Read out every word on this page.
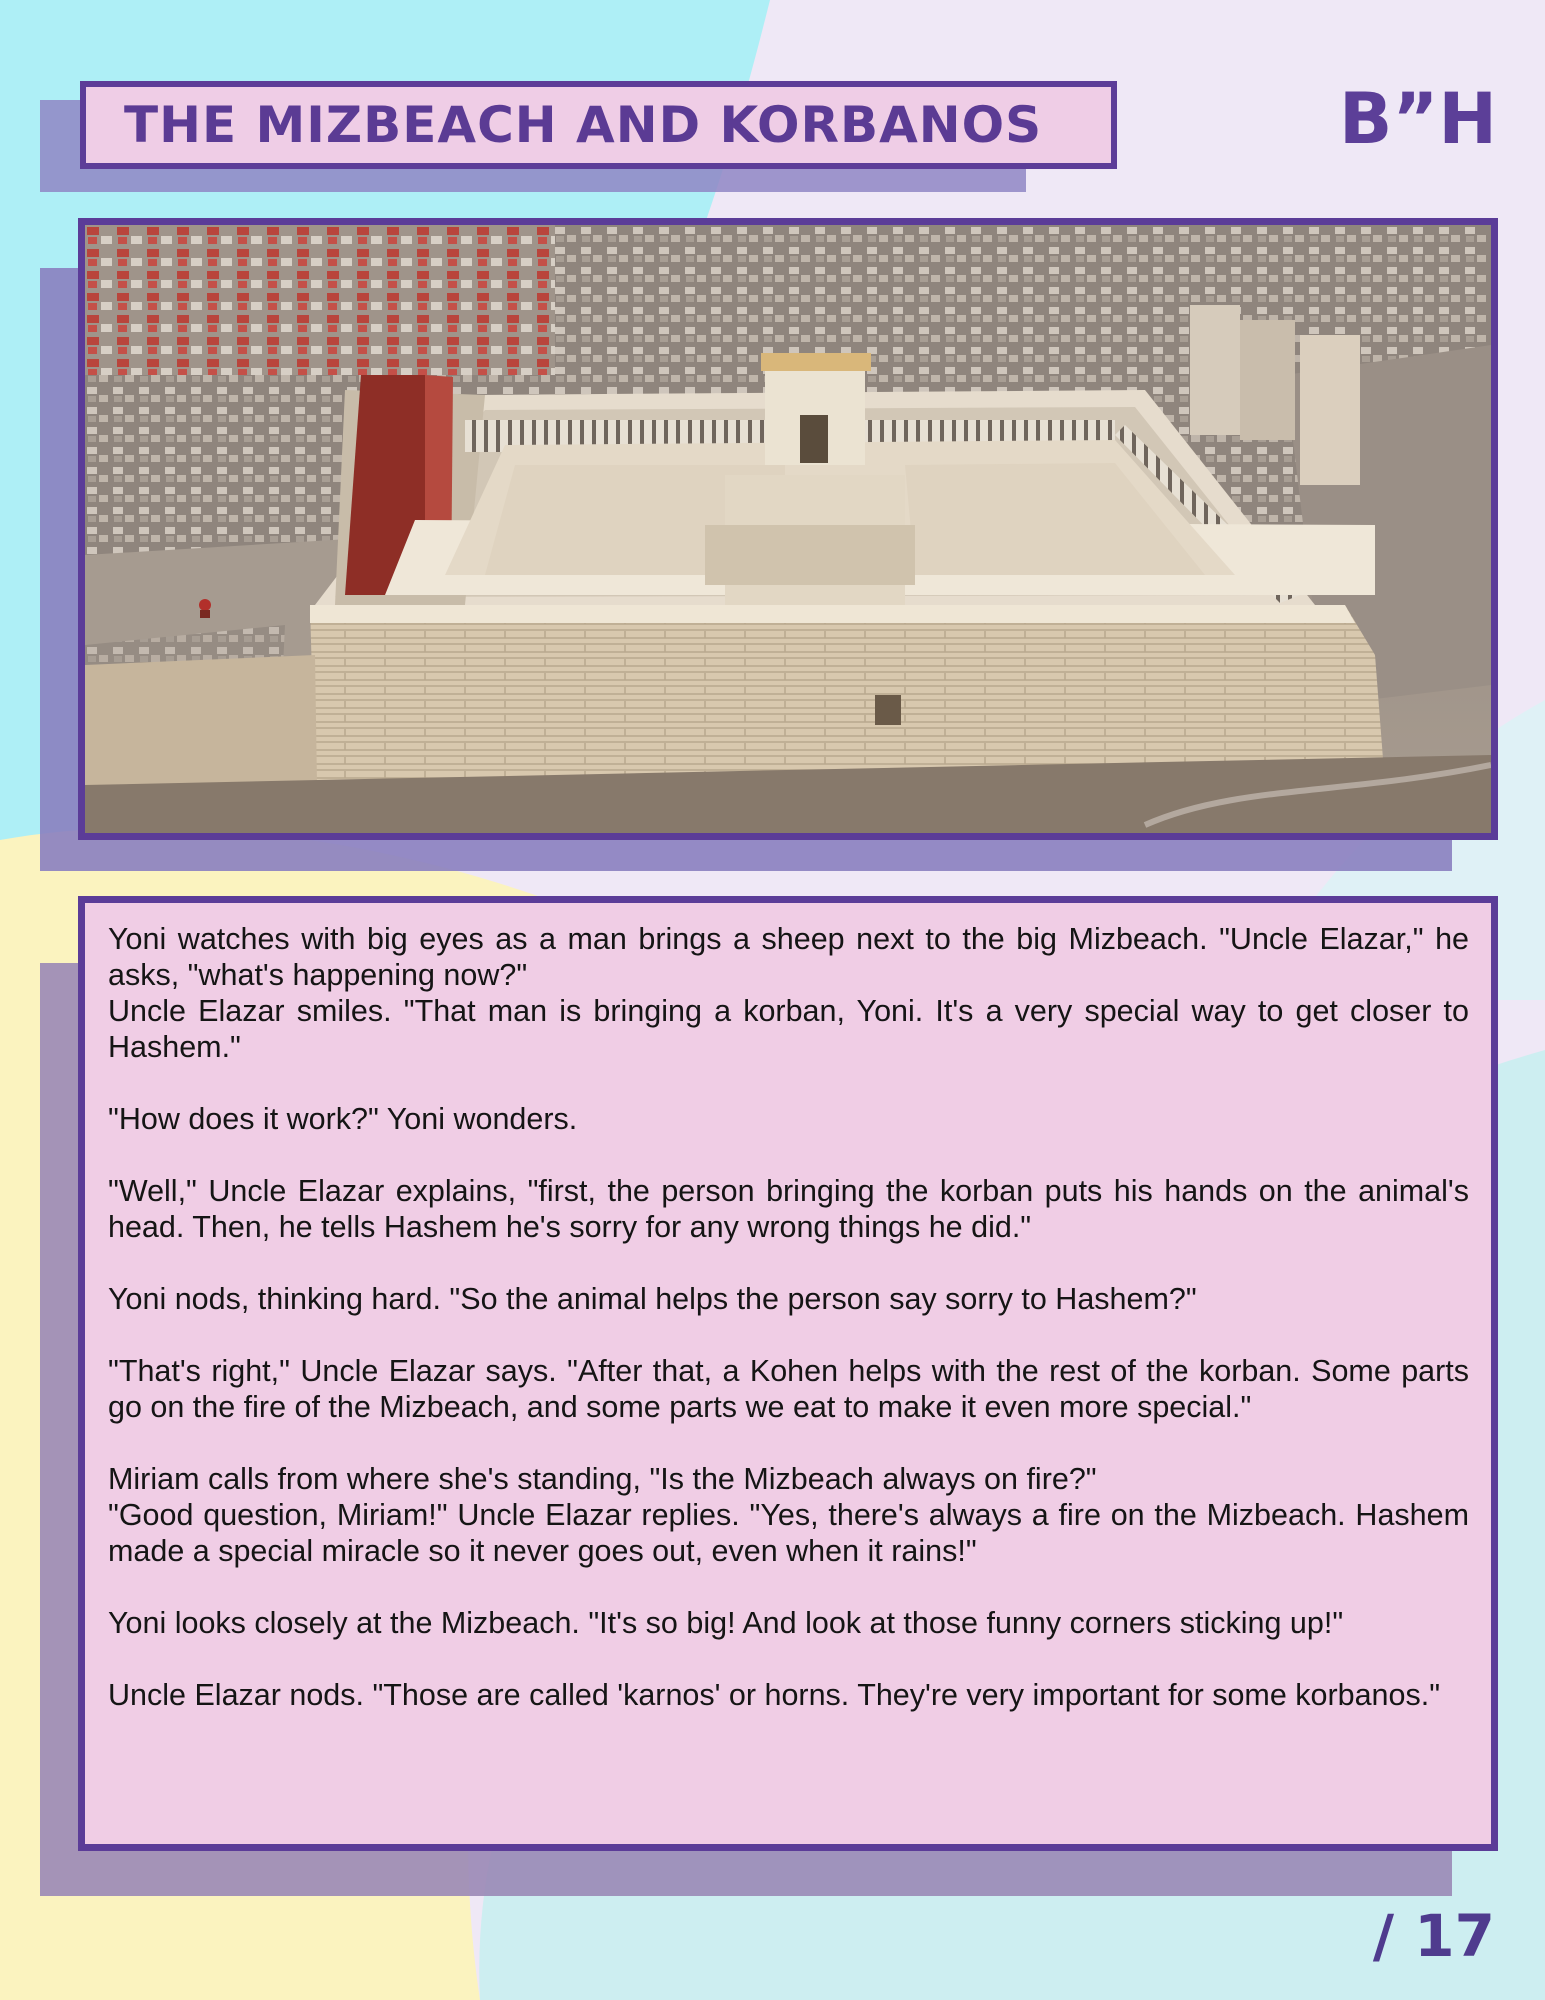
THE MIZBEACH AND KORBANOS	B”H

Yoni watches with big eyes as a man brings a sheep next to the big Mizbeach. "Uncle Elazar," he asks, "what's happening now?"

Uncle Elazar smiles. "That man is bringing a korban, Yoni. It's a very special way to get closer to Hashem."

"How does it work?" Yoni wonders.

"Well," Uncle Elazar explains, "first, the person bringing the korban puts his hands on the animal's head. Then, he tells Hashem he's sorry for any wrong things he did."

Yoni nods, thinking hard. "So the animal helps the person say sorry to Hashem?"

"That's right," Uncle Elazar says. "After that, a Kohen helps with the rest of the korban. Some parts go on the fire of the Mizbeach, and some parts we eat to make it even more special."

Miriam calls from where she's standing, "Is the Mizbeach always on fire?"

"Good question, Miriam!" Uncle Elazar replies. "Yes, there's always a fire on the Mizbeach. Hashem made a special miracle so it never goes out, even when it rains!"

Yoni looks closely at the Mizbeach. "It's so big! And look at those funny corners sticking up!"

Uncle Elazar nods. "Those are called 'karnos' or horns. They're very important for some korbanos."

/ 17
